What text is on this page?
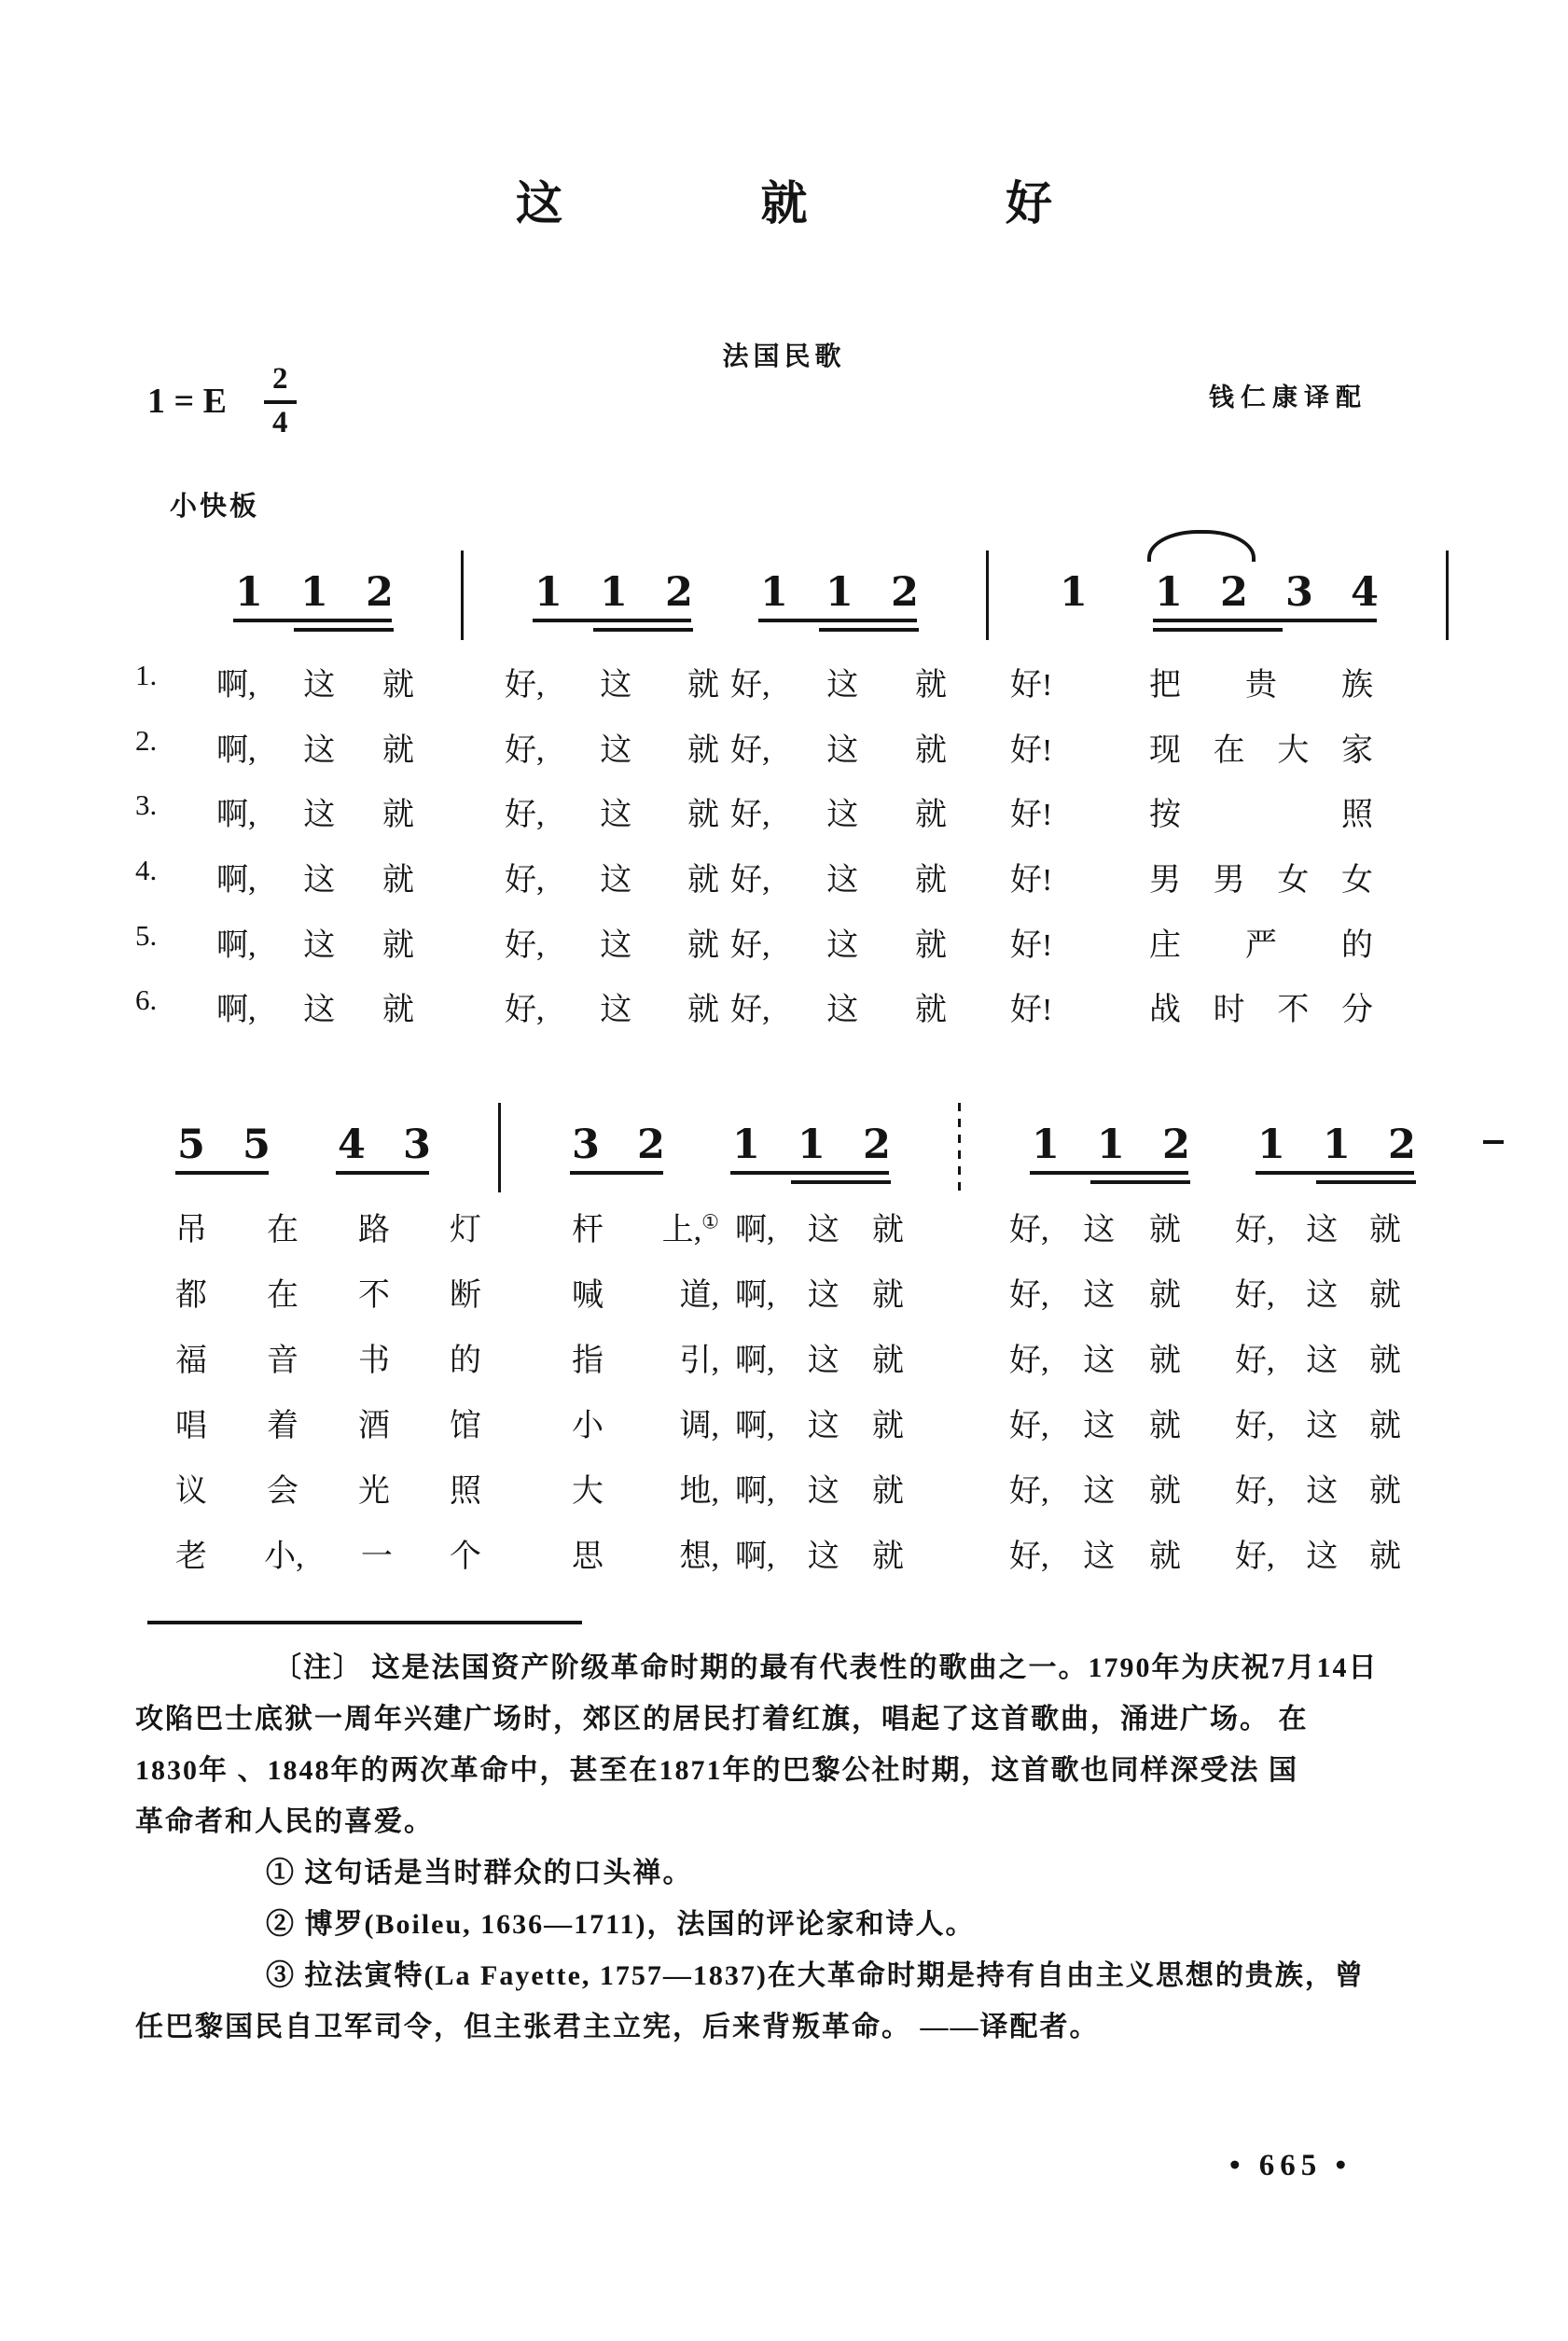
这 就 好
法国民歌
1 = E $\frac{2}{4}$	钱仁康译配
小快板
1 1 2	1 1 2 1 1 2	1 1 2 3 4
1. 啊, 这 就	好, 这 就 好, 这 就 好!	把 贵 族
2. 啊, 这 就	好, 这 就 好, 这 就 好!	现 在 大 家
3. 啊, 这 就	好, 这 就 好, 这 就 好!	按	照
4. 啊, 这 就	好, 这 就 好, 这 就 好!	男 男 女 女
5. 啊, 这 就	好, 这 就 好, 这 就 好!	庄 严 的
6. 啊, 这 就	好, 这 就 好, 这 就 好!	战 时 不 分
5 5 4 3	3 2 1 1 2	1 1 2 1 1 2
吊 在 路 灯	杆 上,① 啊, 这 就	好, 这 就 好, 这 就
都 在 不 断	喊 道, 啊, 这 就	好, 这 就 好, 这 就
福 音 书 的	指 引, 啊, 这 就	好, 这 就 好, 这 就
唱 着 酒 馆	小 调, 啊, 这 就	好, 这 就 好, 这 就
议 会 光 照	大 地, 啊, 这 就	好, 这 就 好, 这 就
老 小, 一 个	思 想, 啊, 这 就	好, 这 就 好, 这 就
〔注〕 这是法国资产阶级革命时期的最有代表性的歌曲之一。1790年为庆祝7月14日
攻陷巴士底狱一周年兴建广场时，郊区的居民打着红旗，唱起了这首歌曲，涌进广场。 在
1830年 、1848年的两次革命中，甚至在1871年的巴黎公社时期，这首歌也同样深受法 国
革命者和人民的喜爱。
① 这句话是当时群众的口头禅。
② 博罗(Boileu, 1636—1711)，法国的评论家和诗人。
③ 拉法寅特(La Fayette, 1757—1837)在大革命时期是持有自由主义思想的贵族，曾
任巴黎国民自卫军司令，但主张君主立宪，后来背叛革命。 ——译配者。
• 665 •
